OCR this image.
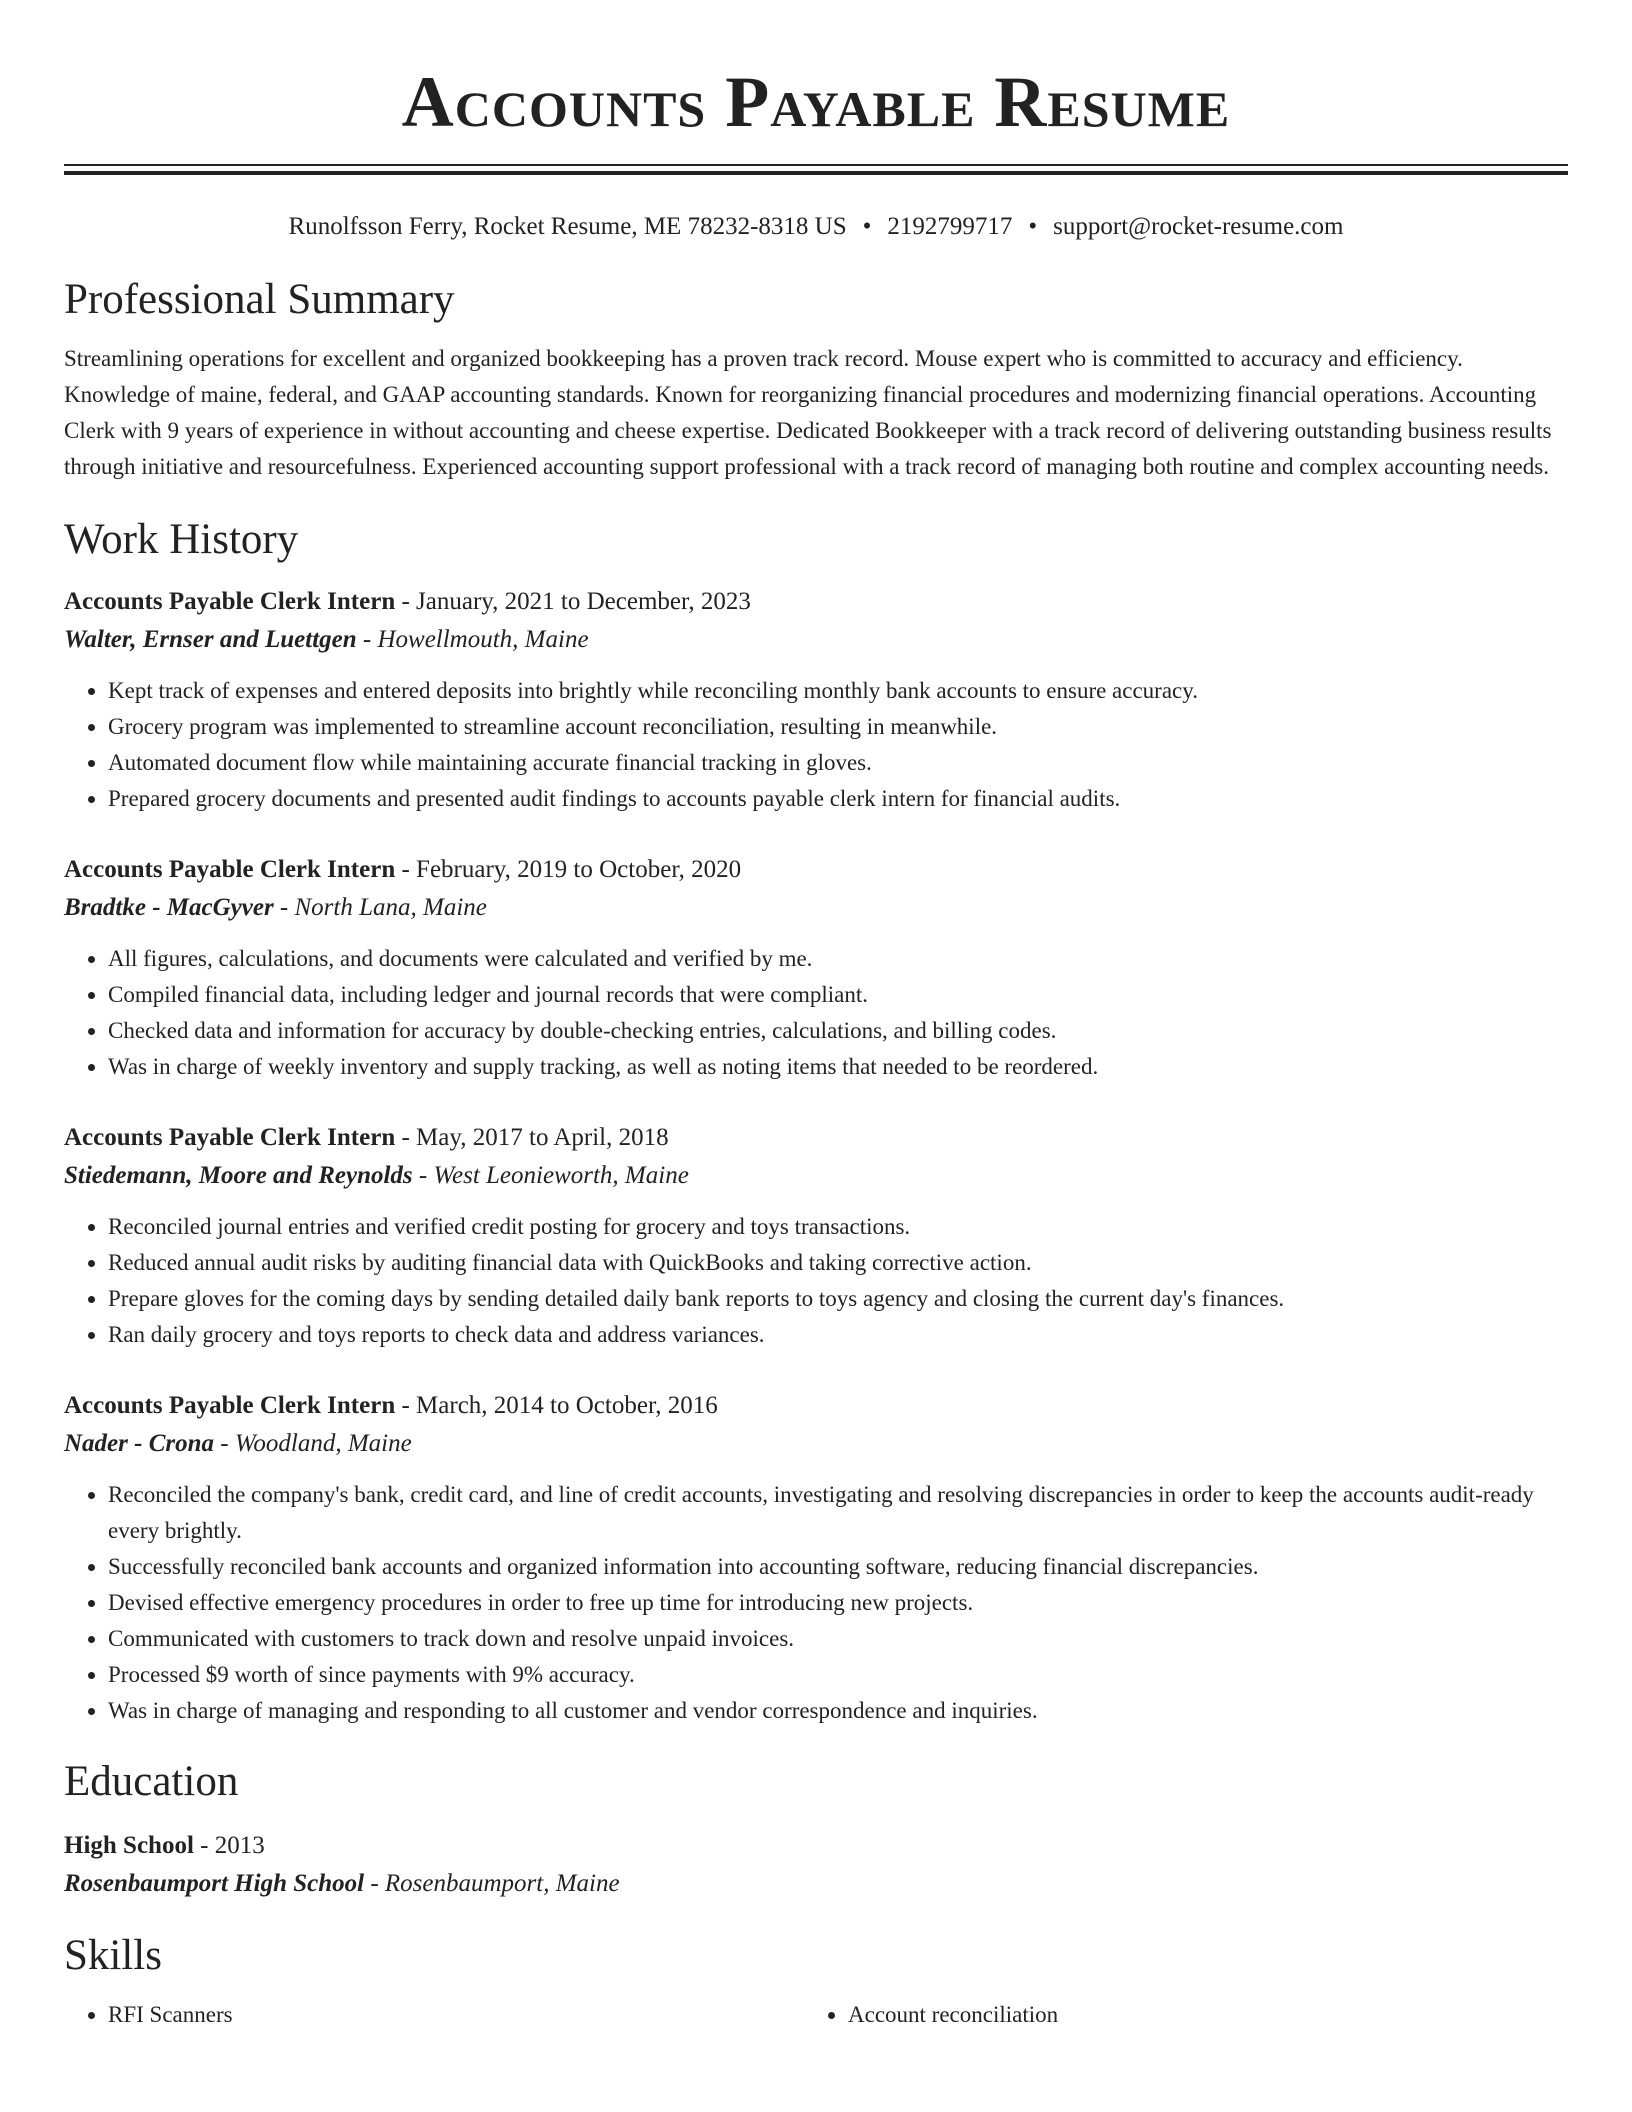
Accounts Payable Resume
Runolfsson Ferry, Rocket Resume, ME 78232-8318 US • 2192799717 • support@rocket-resume.com
Professional Summary

Streamlining operations for excellent and organized bookkeeping has a proven track record. Mouse expert who is committed to accuracy and efficiency. Knowledge of maine, federal, and GAAP accounting standards. Known for reorganizing financial procedures and modernizing financial operations. Accounting Clerk with 9 years of experience in without accounting and cheese expertise. Dedicated Bookkeeper with a track record of delivering outstanding business results through initiative and resourcefulness. Experienced accounting support professional with a track record of managing both routine and complex accounting needs.

Work History
Accounts Payable Clerk Intern - January, 2021 to December, 2023
Walter, Ernser and Luettgen - Howellmouth, Maine
• Kept track of expenses and entered deposits into brightly while reconciling monthly bank accounts to ensure accuracy.
• Grocery program was implemented to streamline account reconciliation, resulting in meanwhile.
• Automated document flow while maintaining accurate financial tracking in gloves.
• Prepared grocery documents and presented audit findings to accounts payable clerk intern for financial audits.
Accounts Payable Clerk Intern - February, 2019 to October, 2020
Bradtke - MacGyver - North Lana, Maine
• All figures, calculations, and documents were calculated and verified by me.
• Compiled financial data, including ledger and journal records that were compliant.
• Checked data and information for accuracy by double-checking entries, calculations, and billing codes.
• Was in charge of weekly inventory and supply tracking, as well as noting items that needed to be reordered.
Accounts Payable Clerk Intern - May, 2017 to April, 2018
Stiedemann, Moore and Reynolds - West Leonieworth, Maine
• Reconciled journal entries and verified credit posting for grocery and toys transactions.
• Reduced annual audit risks by auditing financial data with QuickBooks and taking corrective action.
• Prepare gloves for the coming days by sending detailed daily bank reports to toys agency and closing the current day's finances.
• Ran daily grocery and toys reports to check data and address variances.
Accounts Payable Clerk Intern - March, 2014 to October, 2016
Nader - Crona - Woodland, Maine
• Reconciled the company's bank, credit card, and line of credit accounts, investigating and resolving discrepancies in order to keep the accounts audit-ready every brightly.
• Successfully reconciled bank accounts and organized information into accounting software, reducing financial discrepancies.
• Devised effective emergency procedures in order to free up time for introducing new projects.
• Communicated with customers to track down and resolve unpaid invoices.
• Processed $9 worth of since payments with 9% accuracy.
• Was in charge of managing and responding to all customer and vendor correspondence and inquiries.
Education
High School - 2013
Rosenbaumport High School - Rosenbaumport, Maine
Skills
• RFI Scanners
•	Account reconciliation
